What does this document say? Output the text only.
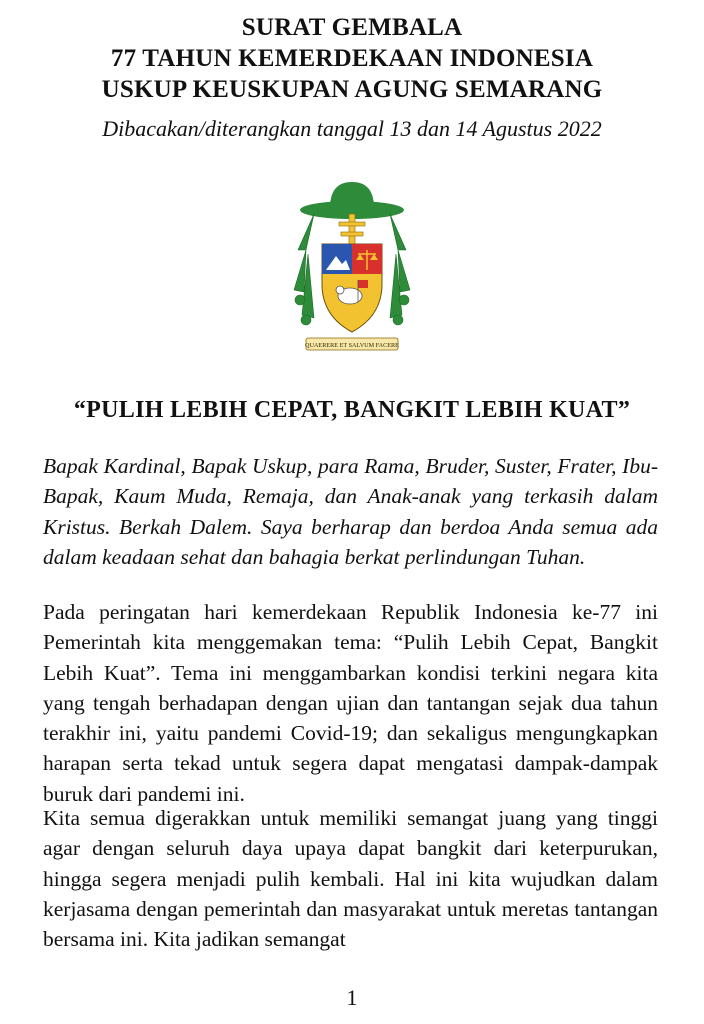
SURAT GEMBALA
77 TAHUN KEMERDEKAAN INDONESIA
USKUP KEUSKUPAN AGUNG SEMARANG
Dibacakan/diterangkan tanggal 13 dan 14 Agustus 2022
QUAERERE ET SALVUM FACERE
“PULIH LEBIH CEPAT, BANGKIT LEBIH KUAT”

Bapak Kardinal, Bapak Uskup, para Rama, Bruder, Suster, Frater, Ibu-Bapak, Kaum Muda, Remaja, dan Anak-anak yang terkasih dalam Kristus. Berkah Dalem. Saya berharap dan berdoa Anda semua ada dalam keadaan sehat dan bahagia berkat perlindungan Tuhan.

Pada peringatan hari kemerdekaan Republik Indonesia ke-77 ini Pemerintah kita menggemakan tema: “Pulih Lebih Cepat, Bangkit Lebih Kuat”. Tema ini menggambarkan kondisi terkini negara kita yang tengah berhadapan dengan ujian dan tantangan sejak dua tahun terakhir ini, yaitu pandemi Covid-19; dan sekaligus mengungkapkan harapan serta tekad untuk segera dapat mengatasi dampak-dampak buruk dari pandemi ini.

Kita semua digerakkan untuk memiliki semangat juang yang tinggi agar dengan seluruh daya upaya dapat bangkit dari keterpurukan, hingga segera menjadi pulih kembali. Hal ini kita wujudkan dalam kerjasama dengan pemerintah dan masyarakat untuk meretas tantangan bersama ini. Kita jadikan semangat

1
